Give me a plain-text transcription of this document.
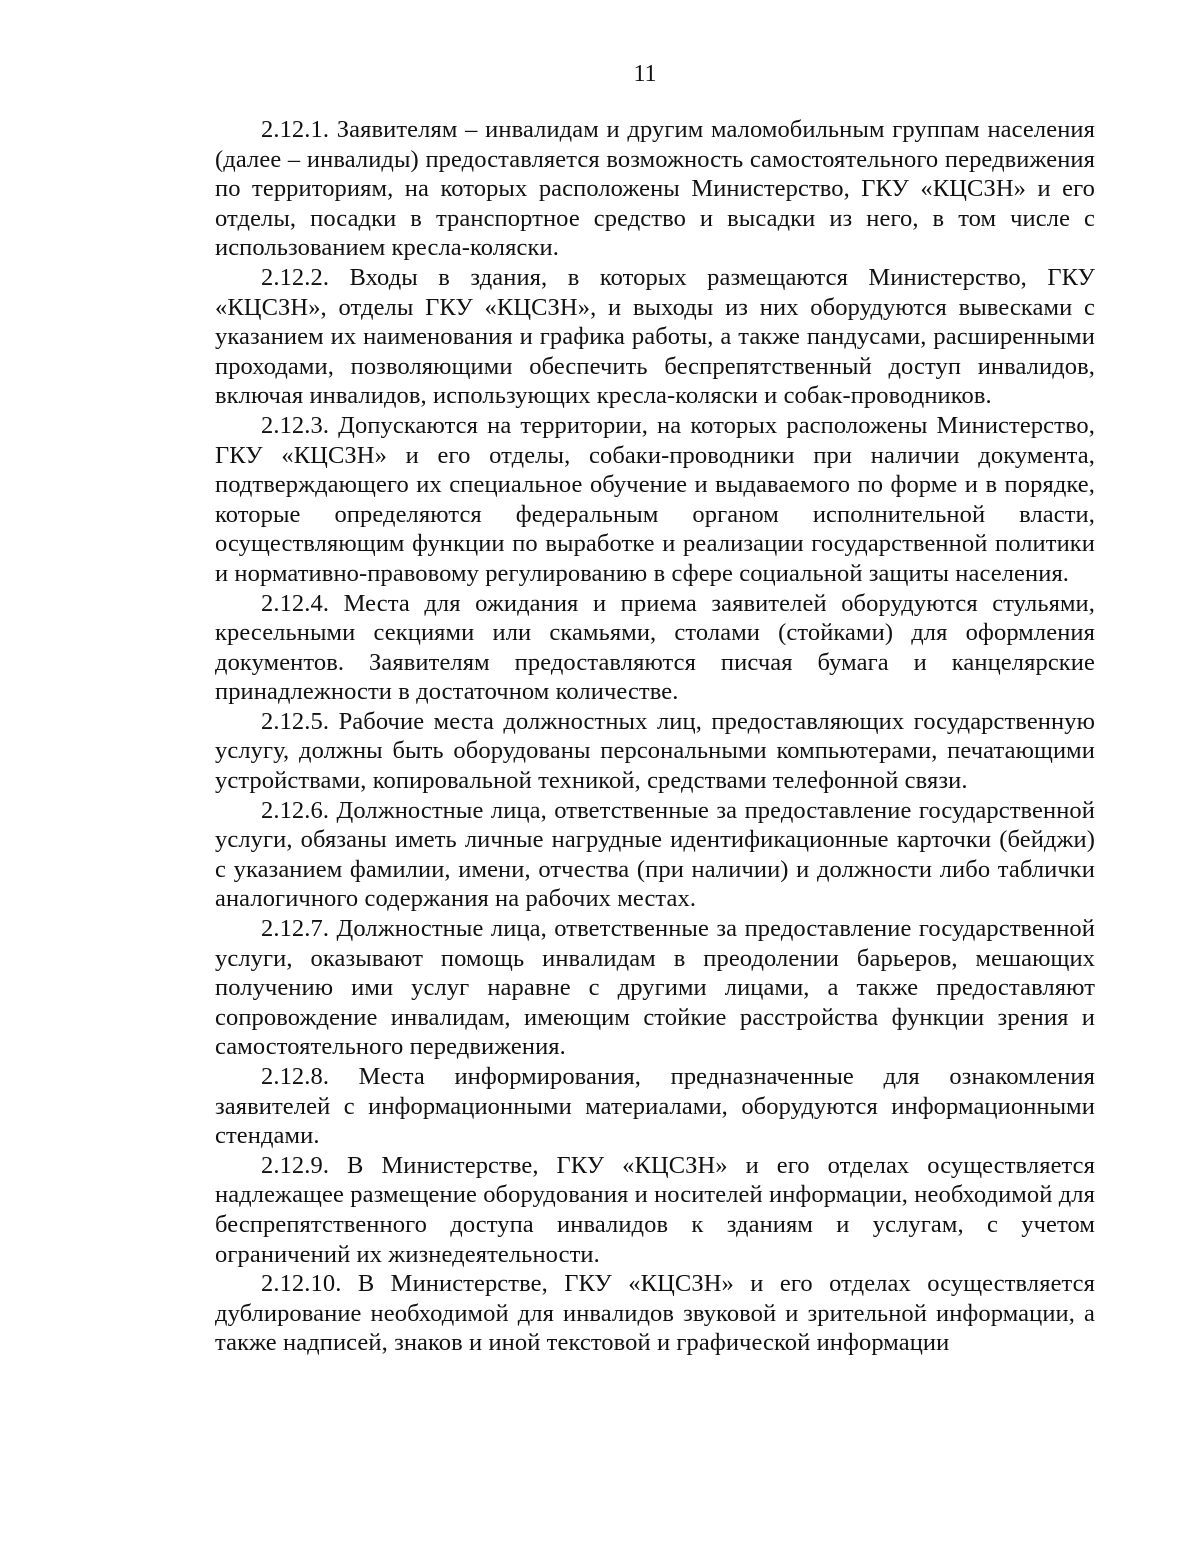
11

2.12.1. Заявителям – инвалидам и другим маломобильным группам населения (далее – инвалиды) предоставляется возможность самостоятельного передвижения по территориям, на которых расположены Министерство, ГКУ «КЦСЗН» и его отделы, посадки в транспортное средство и высадки из него, в том числе с использованием кресла-коляски.

2.12.2. Входы в здания, в которых размещаются Министерство, ГКУ «КЦСЗН», отделы ГКУ «КЦСЗН», и выходы из них оборудуются вывесками с указанием их наименования и графика работы, а также пандусами, расширенными проходами, позволяющими обеспечить беспрепятственный доступ инвалидов, включая инвалидов, использующих кресла-коляски и собак-проводников.

2.12.3. Допускаются на территории, на которых расположены Министерство, ГКУ «КЦСЗН» и его отделы, собаки-проводники при наличии документа, подтверждающего их специальное обучение и выдаваемого по форме и в порядке, которые определяются федеральным органом исполнительной власти, осуществляющим функции по выработке и реализации государственной политики и нормативно-правовому регулированию в сфере социальной защиты населения.

2.12.4. Места для ожидания и приема заявителей оборудуются стульями, кресельными секциями или скамьями, столами (стойками) для оформления документов. Заявителям предоставляются писчая бумага и канцелярские принадлежности в достаточном количестве.

2.12.5. Рабочие места должностных лиц, предоставляющих государственную услугу, должны быть оборудованы персональными компьютерами, печатающими устройствами, копировальной техникой, средствами телефонной связи.

2.12.6. Должностные лица, ответственные за предоставление государственной услуги, обязаны иметь личные нагрудные идентификационные карточки (бейджи) с указанием фамилии, имени, отчества (при наличии) и должности либо таблички аналогичного содержания на рабочих местах.

2.12.7. Должностные лица, ответственные за предоставление государственной услуги, оказывают помощь инвалидам в преодолении барьеров, мешающих получению ими услуг наравне с другими лицами, а также предоставляют сопровождение инвалидам, имеющим стойкие расстройства функции зрения и самостоятельного передвижения.

2.12.8. Места информирования, предназначенные для ознакомления заявителей с информационными материалами, оборудуются информационными стендами.

2.12.9. В Министерстве, ГКУ «КЦСЗН» и его отделах осуществляется надлежащее размещение оборудования и носителей информации, необходимой для беспрепятственного доступа инвалидов к зданиям и услугам, с учетом ограничений их жизнедеятельности.

2.12.10. В Министерстве, ГКУ «КЦСЗН» и его отделах осуществляется дублирование необходимой для инвалидов звуковой и зрительной информации, а также надписей, знаков и иной текстовой и графической информации
